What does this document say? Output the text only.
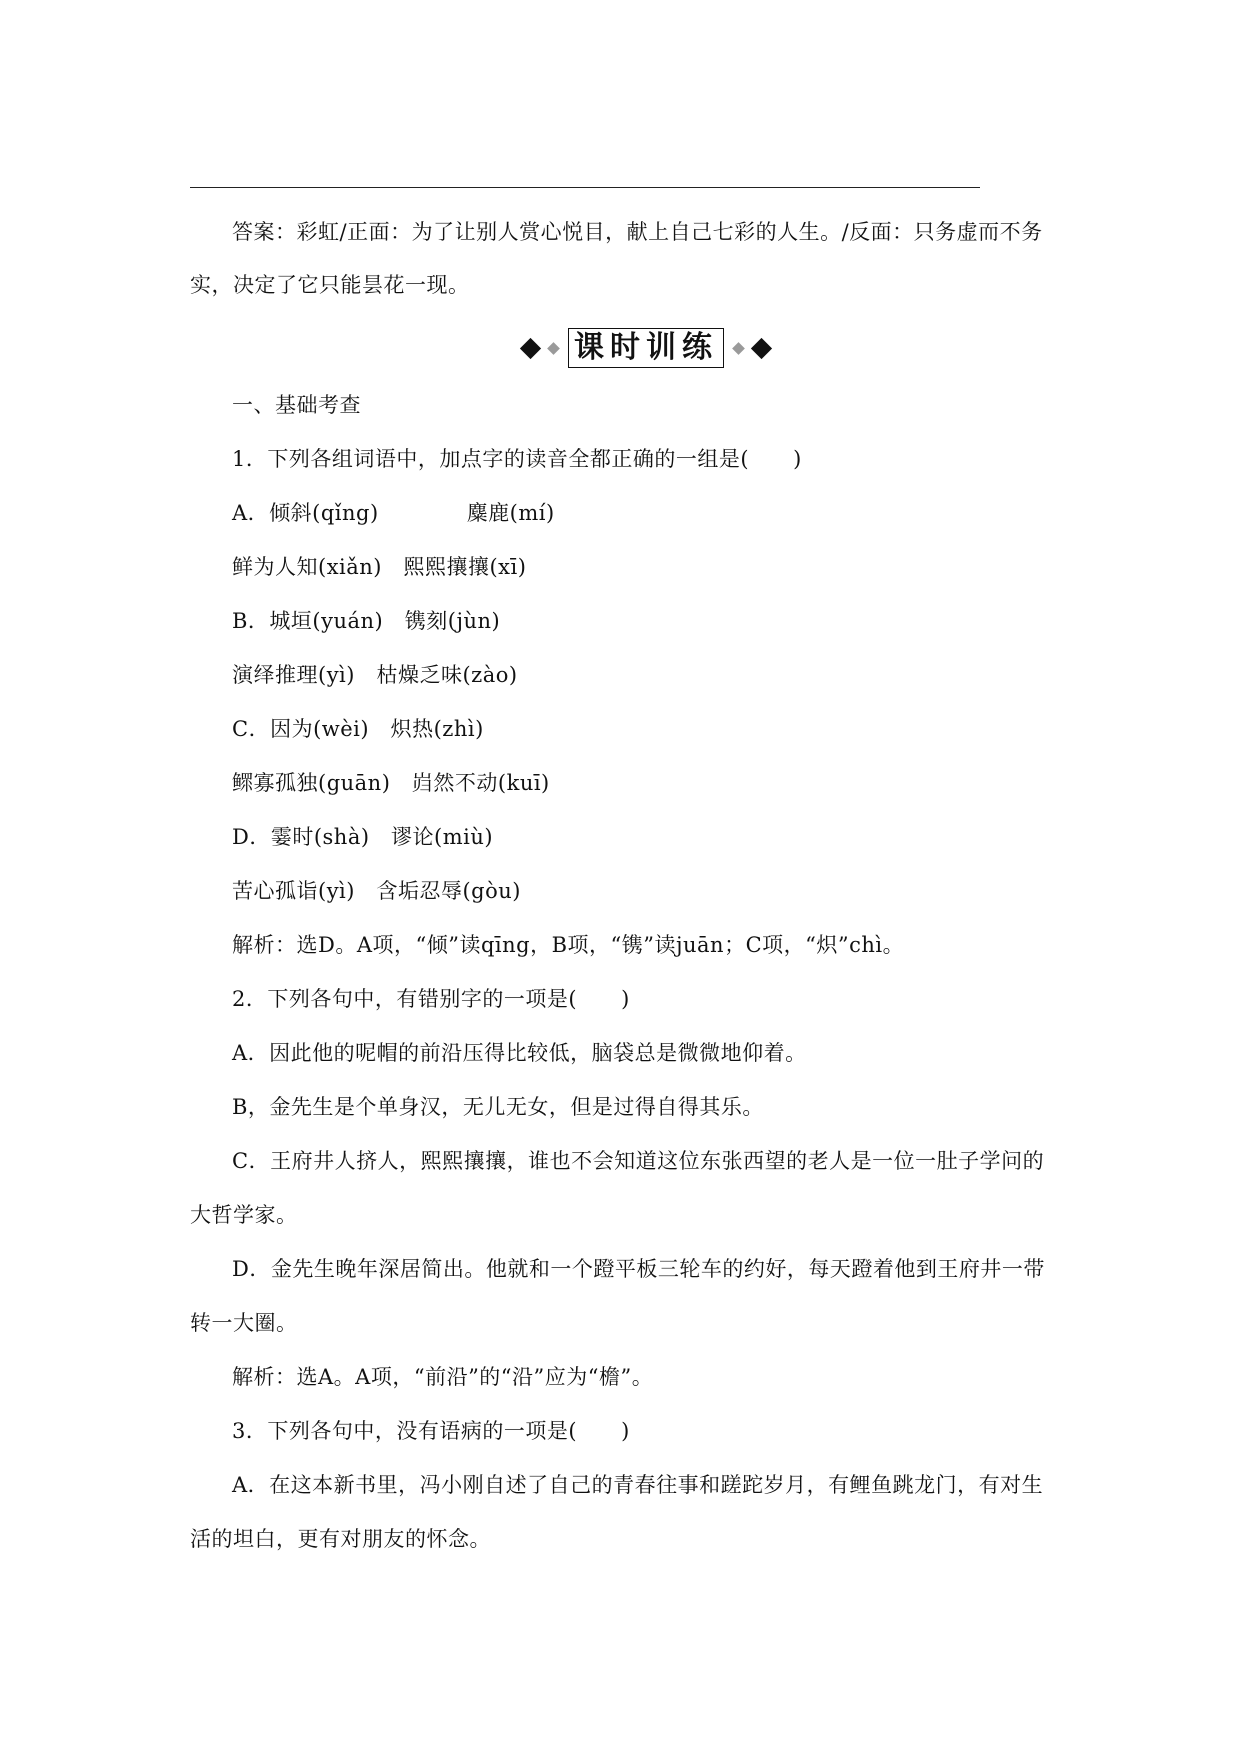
答案：彩虹/正面：为了让别人赏心悦目，献上自己七彩的人生。/反面：只务虚而不务
实，决定了它只能昙花一现。
课时训练
一、基础考查
1．下列各组词语中，加点字的读音全都正确的一组是( )
A．倾斜(qǐng)	麋鹿(mí)
鲜为人知(xiǎn)　熙熙攘攘(xī)
B．城垣(yuán)　镌刻(jùn)
演绎推理(yì)　枯燥乏味(zào)
C．因为(wèi)　炽热(zhì)
鳏寡孤独(guān)　岿然不动(kuī)
D．霎时(shà)　谬论(miù)
苦心孤诣(yì)　含垢忍辱(gòu)
解析：选D。A项，“倾”读qīng，B项，“镌”读juān；C项，“炽”chì。
2．下列各句中，有错别字的一项是( )
A．因此他的呢帽的前沿压得比较低，脑袋总是微微地仰着。
B，金先生是个单身汉，无儿无女，但是过得自得其乐。
C．王府井人挤人，熙熙攘攘，谁也不会知道这位东张西望的老人是一位一肚子学问的
大哲学家。
D．金先生晚年深居简出。他就和一个蹬平板三轮车的约好，每天蹬着他到王府井一带
转一大圈。
解析：选A。A项，“前沿”的“沿”应为“檐”。
3．下列各句中，没有语病的一项是( )
A．在这本新书里，冯小刚自述了自己的青春往事和蹉跎岁月，有鲤鱼跳龙门，有对生
活的坦白，更有对朋友的怀念。
